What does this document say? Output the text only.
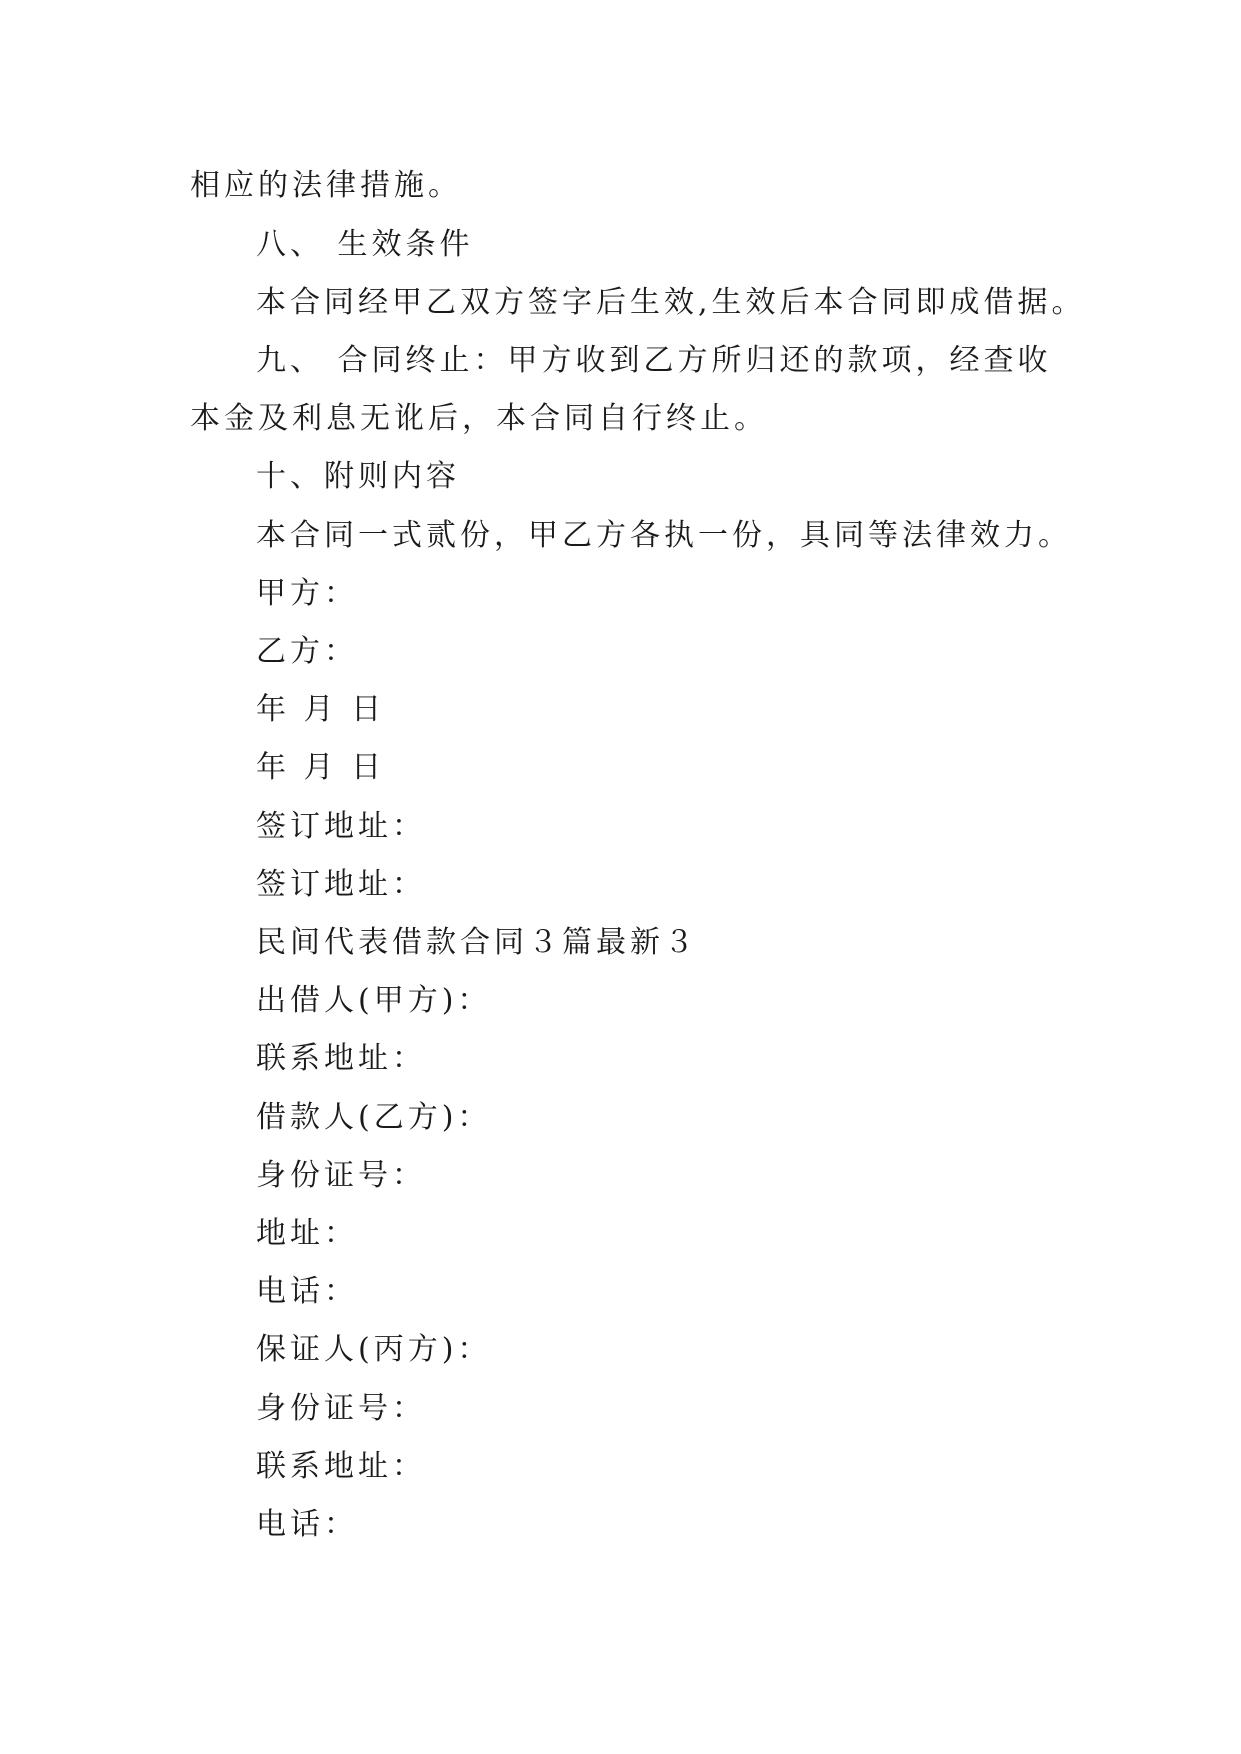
相应的法律措施。
八、 生效条件
本合同经甲乙双方签字后生效,生效后本合同即成借据。
九、 合同终止：甲方收到乙方所归还的款项，经查收
本金及利息无讹后，本合同自行终止。
十、附则内容
本合同一式贰份，甲乙方各执一份，具同等法律效力。
甲方：
乙方：
年 月 日
年 月 日
签订地址：
签订地址：
民间代表借款合同３篇最新３
出借人(甲方)：
联系地址：
借款人(乙方)：
身份证号：
地址：
电话：
保证人(丙方)：
身份证号：
联系地址：
电话：
